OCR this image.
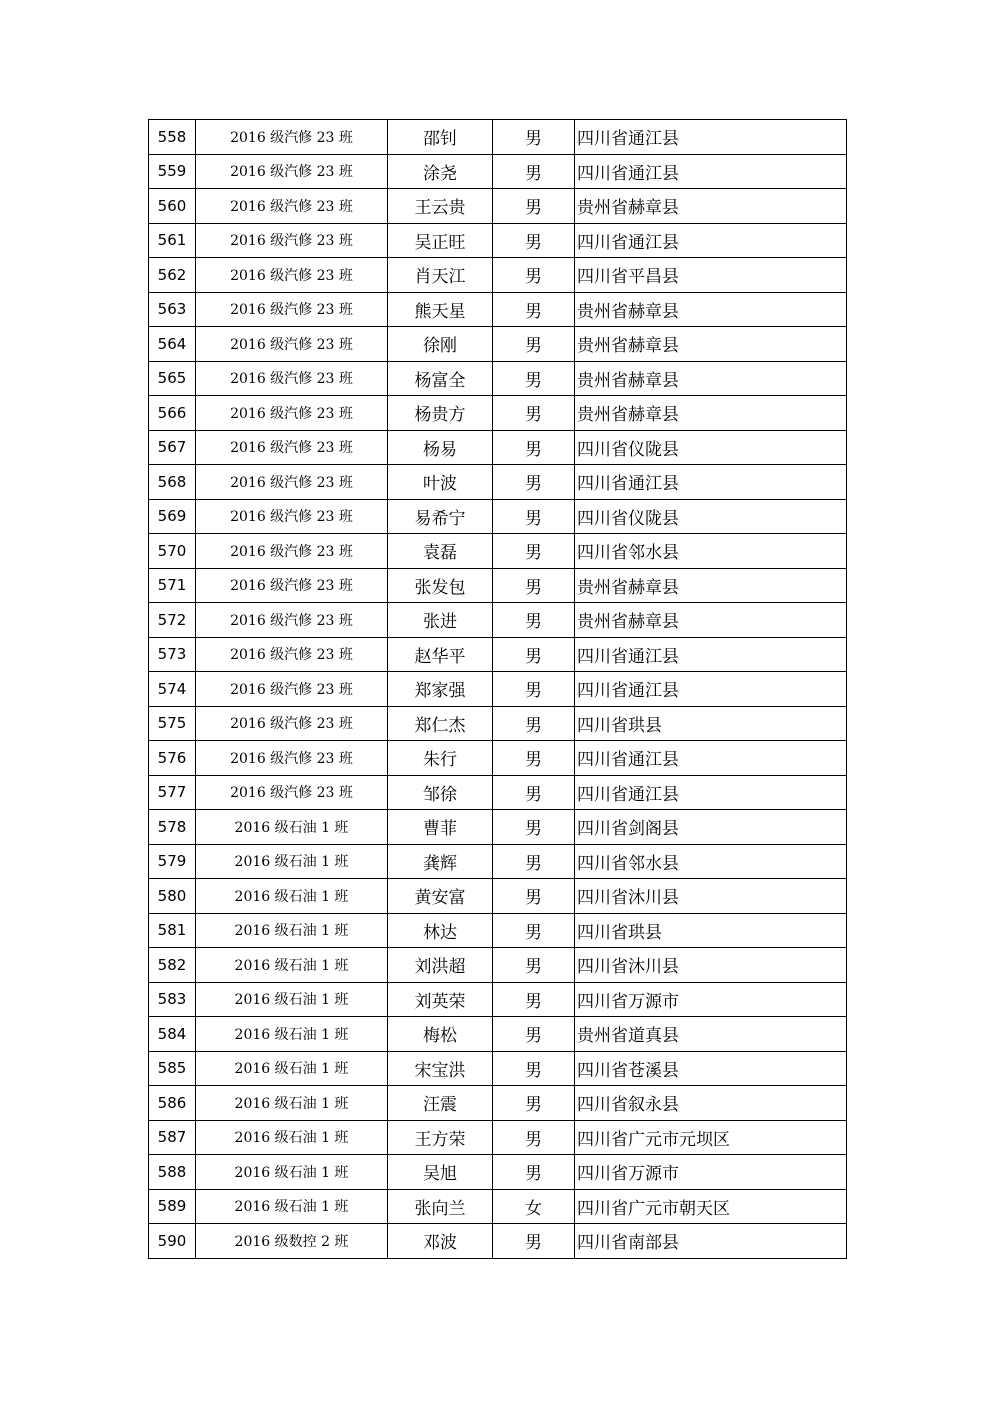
558	2016 级汽修 23 班	邵钊	男	四川省通江县
559	2016 级汽修 23 班	涂尧	男	四川省通江县
560	2016 级汽修 23 班	王云贵	男	贵州省赫章县
561	2016 级汽修 23 班	吴正旺	男	四川省通江县
562	2016 级汽修 23 班	肖天江	男	四川省平昌县
563	2016 级汽修 23 班	熊天星	男	贵州省赫章县
564	2016 级汽修 23 班	徐刚	男	贵州省赫章县
565	2016 级汽修 23 班	杨富全	男	贵州省赫章县
566	2016 级汽修 23 班	杨贵方	男	贵州省赫章县
567	2016 级汽修 23 班	杨易	男	四川省仪陇县
568	2016 级汽修 23 班	叶波	男	四川省通江县
569	2016 级汽修 23 班	易希宁	男	四川省仪陇县
570	2016 级汽修 23 班	袁磊	男	四川省邻水县
571	2016 级汽修 23 班	张发包	男	贵州省赫章县
572	2016 级汽修 23 班	张进	男	贵州省赫章县
573	2016 级汽修 23 班	赵华平	男	四川省通江县
574	2016 级汽修 23 班	郑家强	男	四川省通江县
575	2016 级汽修 23 班	郑仁杰	男	四川省珙县
576	2016 级汽修 23 班	朱行	男	四川省通江县
577	2016 级汽修 23 班	邹徐	男	四川省通江县
578	2016 级石油 1 班	曹菲	男	四川省剑阁县
579	2016 级石油 1 班	龚辉	男	四川省邻水县
580	2016 级石油 1 班	黄安富	男	四川省沐川县
581	2016 级石油 1 班	林达	男	四川省珙县
582	2016 级石油 1 班	刘洪超	男	四川省沐川县
583	2016 级石油 1 班	刘英荣	男	四川省万源市
584	2016 级石油 1 班	梅松	男	贵州省道真县
585	2016 级石油 1 班	宋宝洪	男	四川省苍溪县
586	2016 级石油 1 班	汪震	男	四川省叙永县
587	2016 级石油 1 班	王方荣	男	四川省广元市元坝区
588	2016 级石油 1 班	吴旭	男	四川省万源市
589	2016 级石油 1 班	张向兰	女	四川省广元市朝天区
590	2016 级数控 2 班	邓波	男	四川省南部县
